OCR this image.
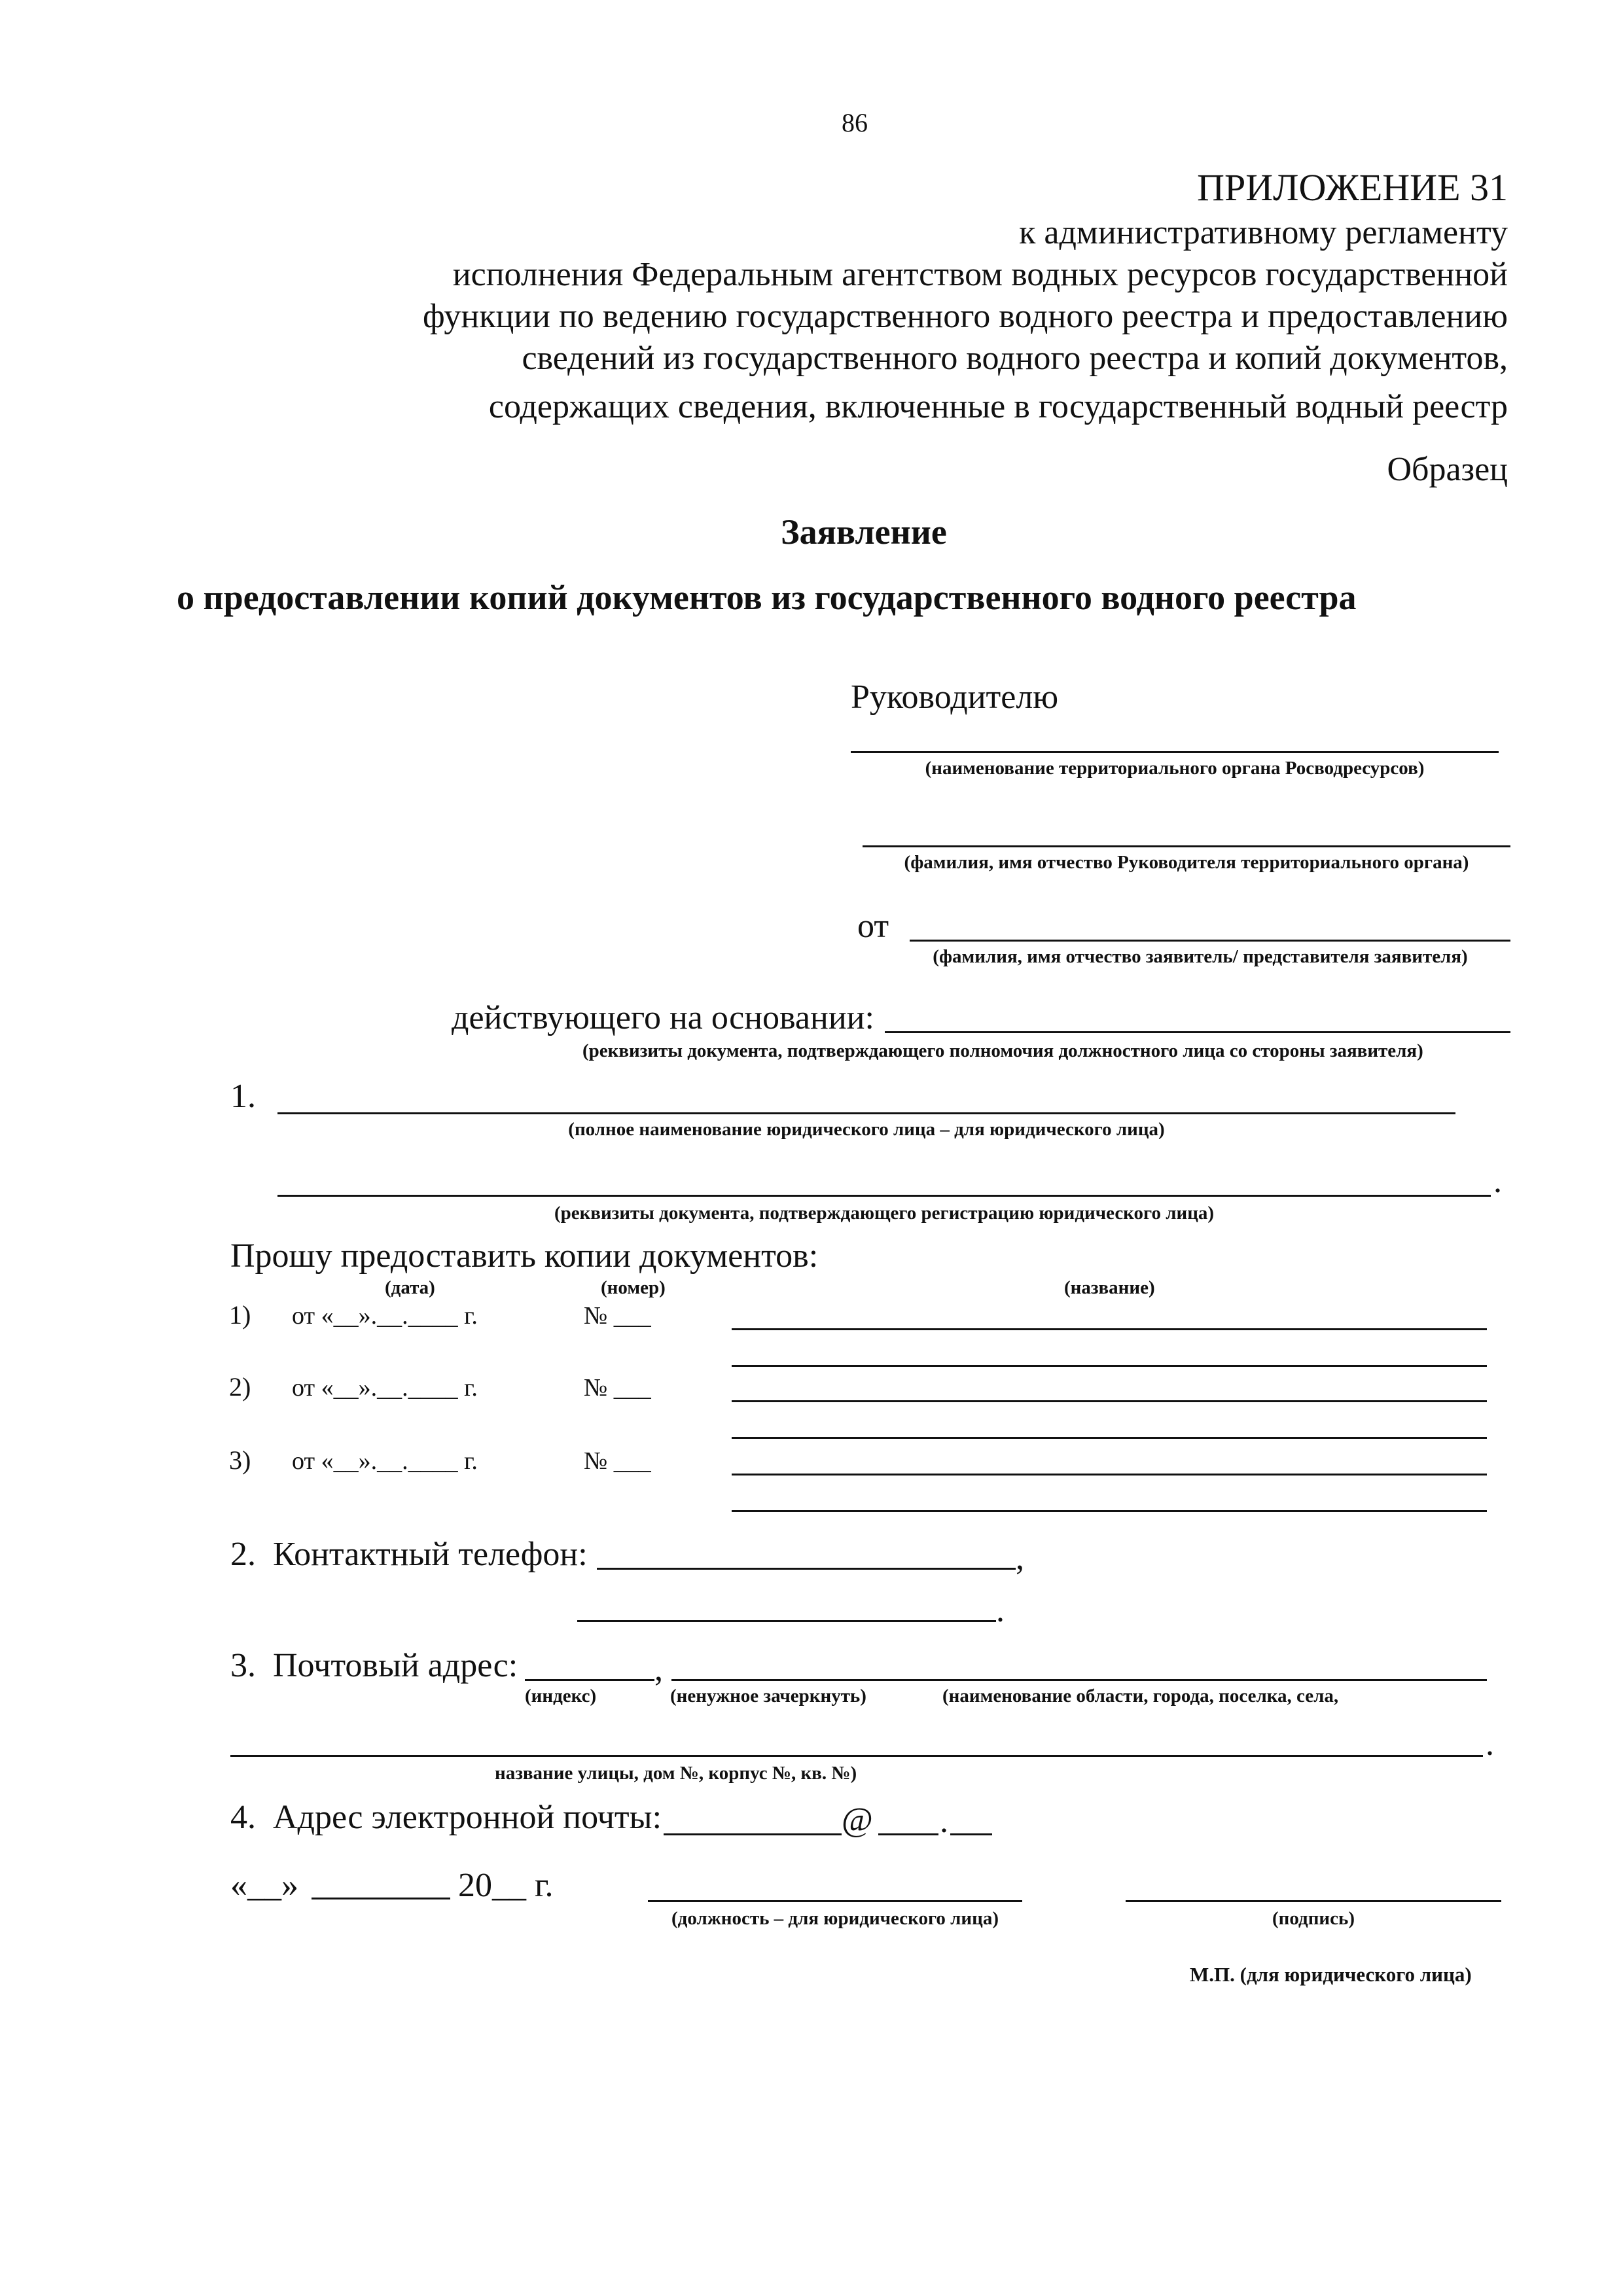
86
ПРИЛОЖЕНИЕ 31
к административному регламенту
исполнения Федеральным агентством водных ресурсов государственной
функции по ведению государственного водного реестра и предоставлению
сведений из государственного водного реестра и копий документов,
содержащих сведения, включенные в государственный водный реестр
Образец
Заявление
о предоставлении копий документов из государственного водного реестра
Руководителю
(наименование территориального органа Росводресурсов)
(фамилия, имя отчество Руководителя территориального органа)
от
(фамилия, имя отчество заявитель/ представителя заявителя)
действующего на основании:
(реквизиты документа, подтверждающего полномочия должностного лица со стороны заявителя)
1.
(полное наименование юридического лица – для юридического лица)
.
(реквизиты документа, подтверждающего регистрацию юридического лица)
Прошу предоставить копии документов:
(дата)	(номер)	(название)
1) от «__».__.____ г.	№ ___
2) от «__».__.____ г.	№ ___
3) от «__».__.____ г.	№ ___
2.  Контактный телефон:	,
.
3.  Почтовый адрес:	,
(индекс)	(ненужное зачеркнуть)	(наименование области, города, поселка, села,
.
название улицы, дом №, корпус №, кв. №)
4.  Адрес электронной почты:	@ .
«__»	20__ г.
(должность – для юридического лица)	(подпись)
М.П. (для юридического лица)
